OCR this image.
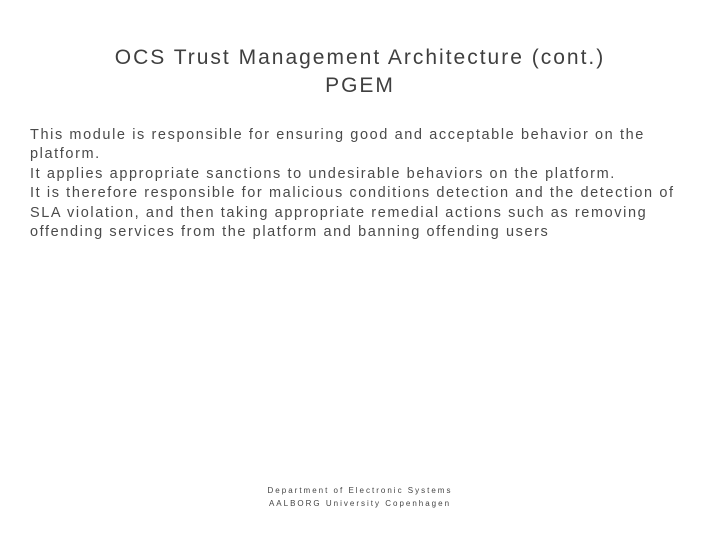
OCS Trust Management Architecture (cont.)
PGEM

This module is responsible for ensuring good and acceptable behavior on the platform.

It applies appropriate sanctions to undesirable behaviors on the platform.

It is therefore responsible for malicious conditions detection and the detection of SLA violation, and then taking appropriate remedial actions such as removing offending services from the platform and banning offending users

Department of Electronic Systems
AALBORG University Copenhagen
